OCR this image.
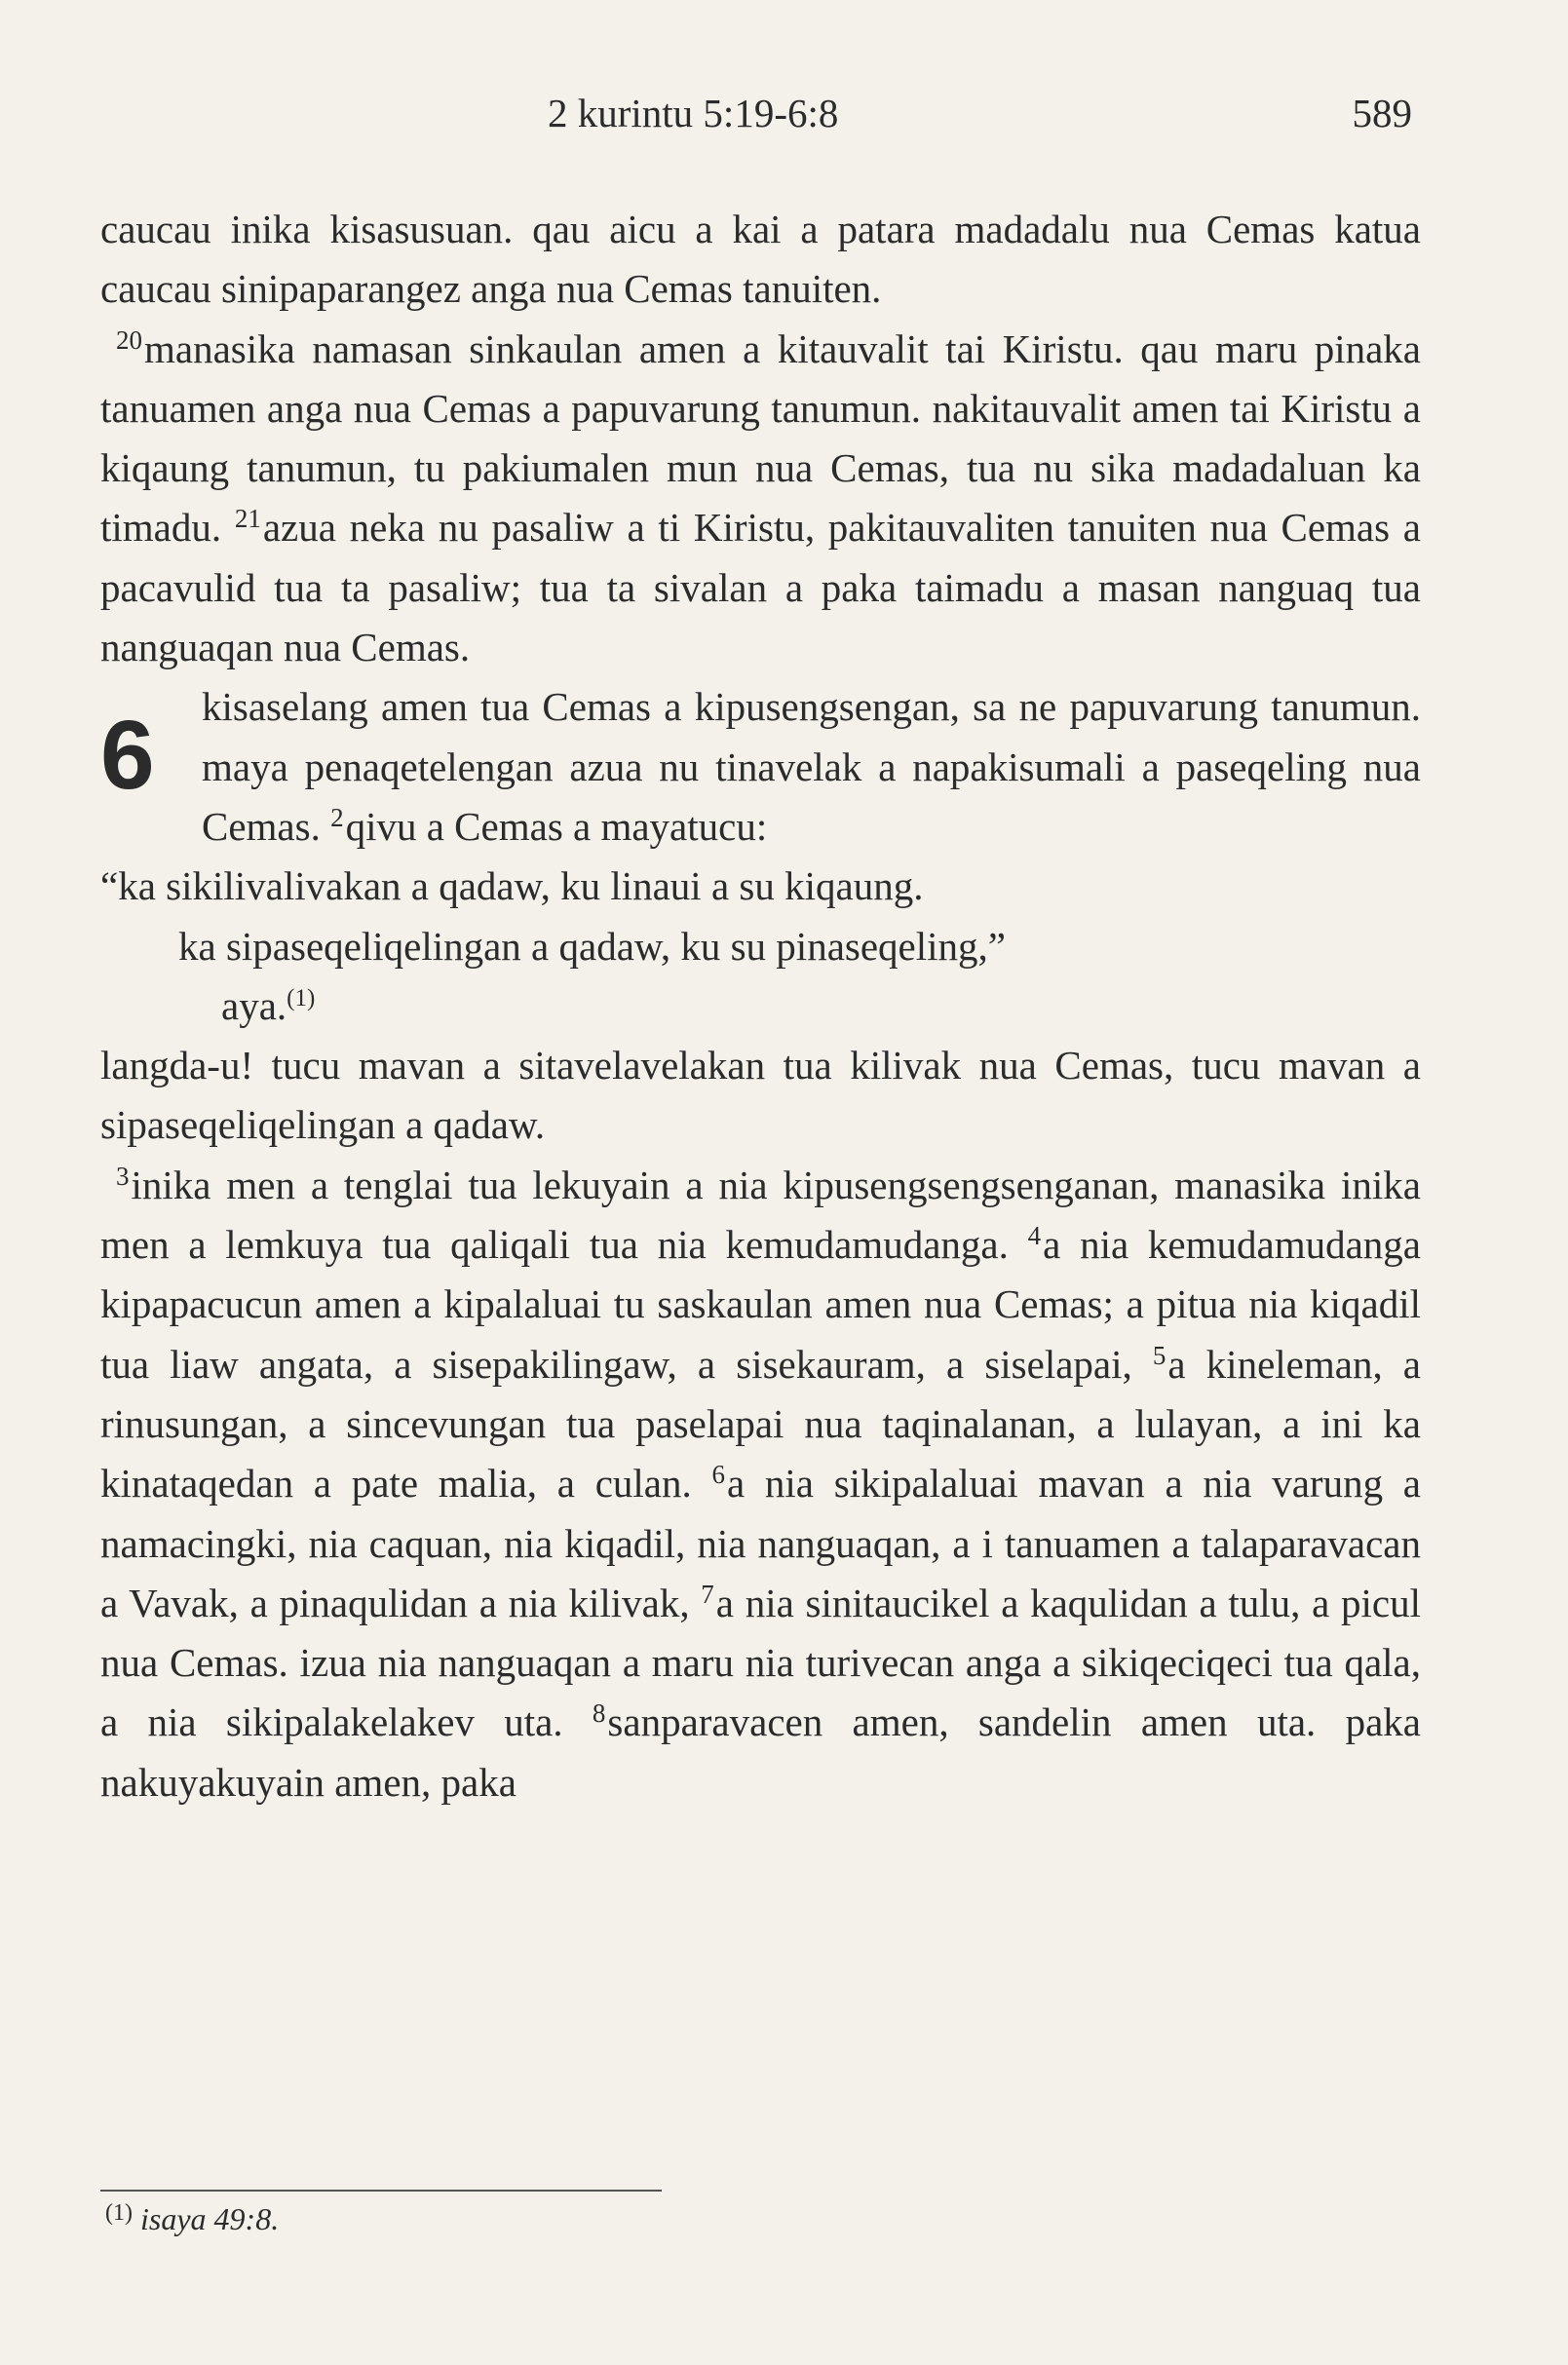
2 kurintu 5:19-6:8	589

caucau inika kisasusuan. qau aicu a kai a patara madadalu nua Cemas katua caucau sinipaparangez anga nua Cemas tanuiten.

$^{20}$manasika namasan sinkaulan amen a kitauvalit tai Kiristu. qau maru pinaka tanuamen anga nua Cemas a papuvarung tanumun. nakitauvalit amen tai Kiristu a kiqaung tanumun, tu pakiumalen mun nua Cemas, tua nu sika madadaluan ka timadu. $^{21}$azua neka nu pasaliw a ti Kiristu, pakitauvaliten tanuiten nua Cemas a pacavulid tua ta pasaliw; tua ta sivalan a paka taimadu a masan nanguaq tua nanguaqan nua Cemas.

6	kisaselang amen tua Cemas a kipusengsengan, sa ne papuvarung tanumun. maya penaqetelengan azua nu tinavelak a napakisumali a paseqeling nua Cemas. $^2$qivu a Cemas a mayatucu:

“ka sikilivalivakan a qadaw, ku linaui a su kiqaung.

ka sipaseqeliqelingan a qadaw, ku su pinaseqeling,”

aya.$^{(1)}$

langda-u! tucu mavan a sitavelavelakan tua kilivak nua Cemas, tucu mavan a sipaseqeliqelingan a qadaw.

$^3$inika men a tenglai tua lekuyain a nia kipusengsengsenganan, manasika inika men a lemkuya tua qaliqali tua nia kemudamudanga. $^4$a nia kemudamudanga kipapacucun amen a kipalaluai tu saskaulan amen nua Cemas; a pitua nia kiqadil tua liaw angata, a sisepakilingaw, a sisekauram, a siselapai, $^5$a kineleman, a rinusungan, a sincevungan tua paselapai nua taqinalanan, a lulayan, a ini ka kinataqedan a pate malia, a culan. $^6$a nia sikipalaluai mavan a nia varung a namacingki, nia caquan, nia kiqadil, nia nanguaqan, a i tanuamen a talaparavacan a Vavak, a pinaqulidan a nia kilivak, $^7$a nia sinitaucikel a kaqulidan a tulu, a picul nua Cemas. izua nia nanguaqan a maru nia turivecan anga a sikiqeciqeci tua qala, a nia sikipalakelakev uta. $^8$sanparavacen amen, sandelin amen uta. paka nakuyakuyain amen, paka

$^{(1)}$ isaya 49:8.
